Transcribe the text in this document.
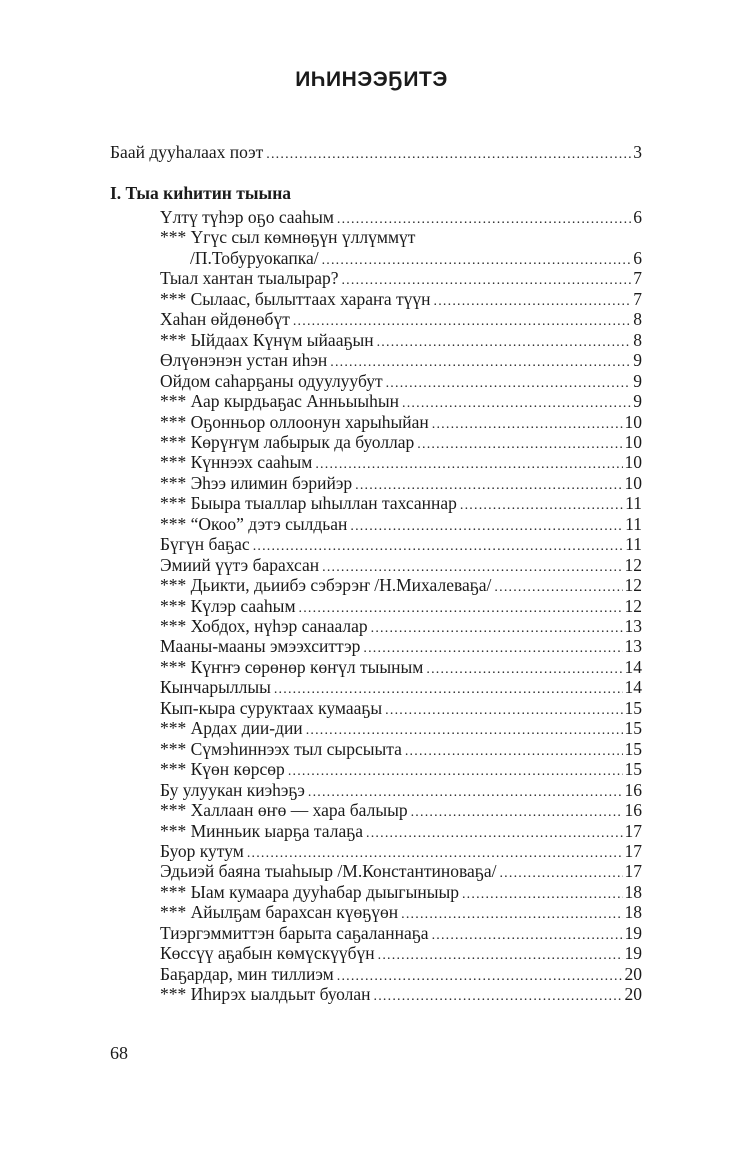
ИҺИНЭЭҔИТЭ
Баай дууһалаах поэт .....	3
I. Тыа киһитин тыына
Үлтү түһэр оҕо сааһым .....	6
*** Үгүс сыл көмнөҕүн үллүммүт
/П.Тобуруокапка/ .....	6
Тыал хантан тыалырар? .....	7
*** Сылаас, былыттаах хараҥа түүн .....	7
Хаһан өйдөнөбүт .....	8
*** Ыйдаах Күнүм ыйааҕын .....	8
Өлүөнэнэн устан иһэн .....	9
Ойдом саһарҕаны одуулуубут .....	9
*** Аар кырдьаҕас Анньыыһын .....	9
*** Оҕонньор оллоонун харыһыйан .....	10
*** Көрүҥүм лабырык да буоллар .....	10
*** Күннээх сааһым .....	10
*** Эһээ илимин бэрийэр .....	10
*** Быыра тыаллар ыһыллан тахсаннар .....	11
*** “Окоо” дэтэ сылдьан .....	11
Бүгүн баҕас .....	11
Эмиий үүтэ барахсан .....	12
*** Дьикти, дьиибэ сэбэрэҥ /Н.Михалеваҕа/ .....	12
*** Күлэр сааһым .....	12
*** Хобдох, нүһэр санаалар .....	13
Мааны-мааны эмээхситтэр .....	13
*** Күҥҥэ сөрөнөр көҥүл тыыным .....	14
Кынчарыллыы .....	14
Кып-кыра суруктаах кумааҕы .....	15
*** Ардах дии-дии .....	15
*** Сүмэһиннээх тыл сырсыыта .....	15
*** Күөн көрсөр .....	15
Бу улуукан киэһэҕэ .....	16
*** Халлаан өҥө — хара балыыр .....	16
*** Минньик ыарҕа талаҕа .....	17
Буор кутум .....	17
Эдьиэй баяна тыаһыыр /М.Константиноваҕа/ .....	17
*** Ыам кумаара дууһабар дыыгыныыр .....	18
*** Айылҕам барахсан күөҕүөн .....	18
Тиэргэммиттэн барыта саҕаланнаҕа .....	19
Көссүү аҕабын көмүскүүбүн .....	19
Баҕардар, мин тиллиэм .....	20
*** Иһирэх ыалдьыт буолан .....	20
68
